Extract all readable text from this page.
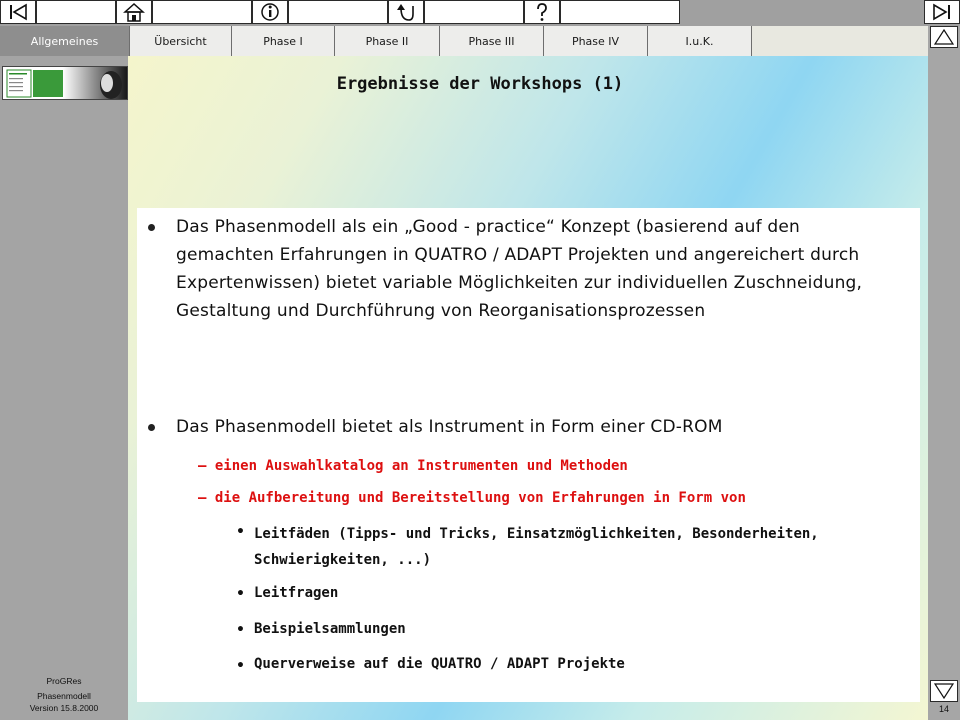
Allgemeines	Übersicht	Phase I	Phase II	Phase III	Phase IV	I.u.K.
ProGRes
Phasenmodell
Version 15.8.2000
Ergebnisse der Workshops (1)
Das Phasenmodell als ein „Good - practice“ Konzept (basierend auf den gemachten Erfahrungen in QUATRO / ADAPT Projekten und angereichert durch Expertenwissen) bietet variable Möglichkeiten zur individuellen Zuschneidung, Gestaltung und Durchführung von Reorganisationsprozessen
Das Phasenmodell bietet als Instrument in Form einer CD-ROM
– einen Auswahlkatalog an Instrumenten und Methoden
– die Aufbereitung und Bereitstellung von Erfahrungen in Form von
• Leitfäden (Tipps- und Tricks, Einsatzmöglichkeiten, Besonderheiten, Schwierigkeiten, ...)
• Leitfragen
• Beispielsammlungen
• Querverweise auf die QUATRO / ADAPT Projekte
14
